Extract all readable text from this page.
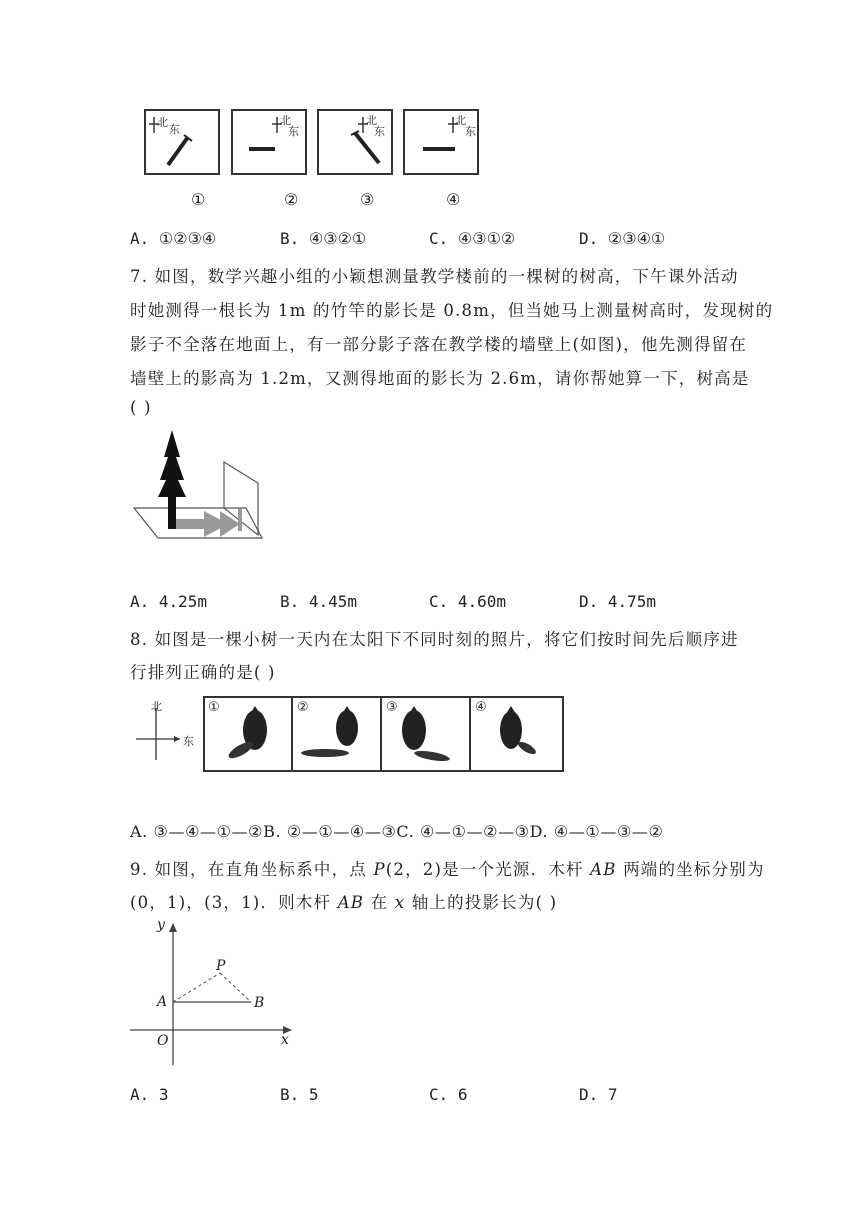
北
东
北
东
北
东
北
东
①	②	③	④
A. ①②③④	B. ④③②①	C. ④③①②	D. ②③④①
7. 如图，数学兴趣小组的小颖想测量教学楼前的一棵树的树高，下午课外活动
时她测得一根长为 1m 的竹竿的影长是 0.8m，但当她马上测量树高时，发现树的
影子不全落在地面上，有一部分影子落在教学楼的墙壁上(如图)，他先测得留在
墙壁上的影高为 1.2m，又测得地面的影长为 2.6m，请你帮她算一下，树高是
( )
A. 4.25m	B. 4.45m	C. 4.60m	D. 4.75m
8. 如图是一棵小树一天内在太阳下不同时刻的照片，将它们按时间先后顺序进
行排列正确的是( )
北
东
①	②	③	④
A. ③—④—①—②B. ②—①—④—③C. ④—①—②—③D. ④—①—③—②
9. 如图，在直角坐标系中，点 P(2，2)是一个光源．木杆 AB 两端的坐标分别为
(0，1)，(3，1)．则木杆 AB 在 x 轴上的投影长为( )
y
x
P
A	B
O
A. 3	B. 5	C. 6	D. 7
